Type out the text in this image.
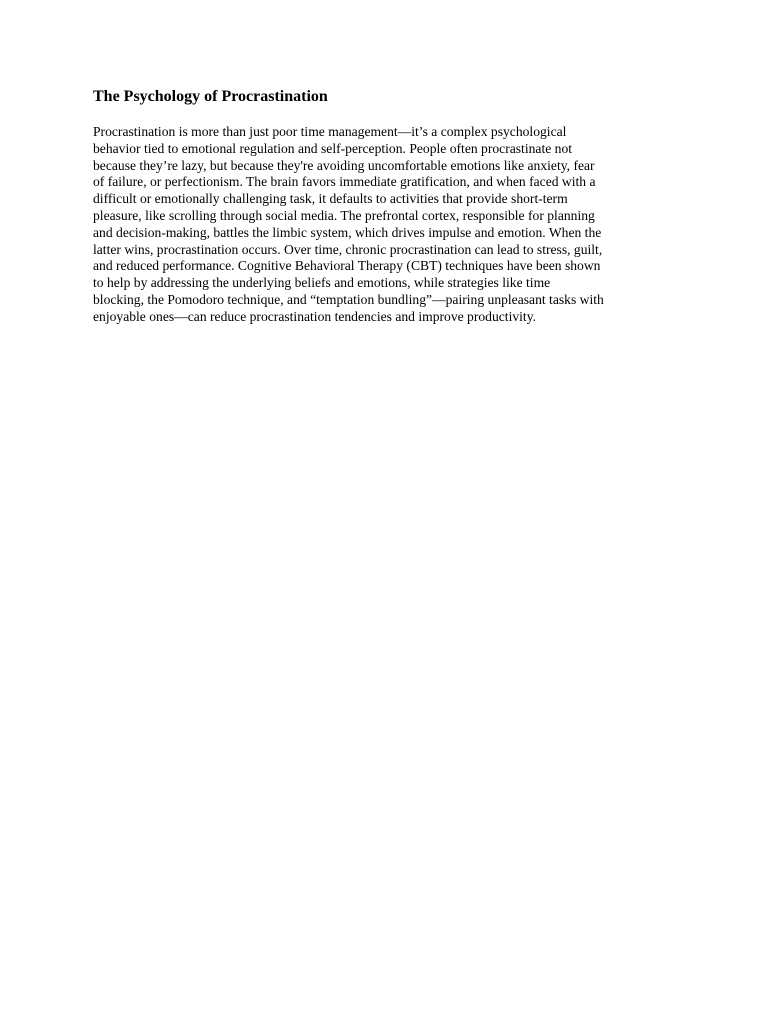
The Psychology of Procrastination

Procrastination is more than just poor time management—it’s a complex psychological
behavior tied to emotional regulation and self-perception. People often procrastinate not
because they’re lazy, but because they're avoiding uncomfortable emotions like anxiety, fear
of failure, or perfectionism. The brain favors immediate gratification, and when faced with a
difficult or emotionally challenging task, it defaults to activities that provide short-term
pleasure, like scrolling through social media. The prefrontal cortex, responsible for planning
and decision-making, battles the limbic system, which drives impulse and emotion. When the
latter wins, procrastination occurs. Over time, chronic procrastination can lead to stress, guilt,
and reduced performance. Cognitive Behavioral Therapy (CBT) techniques have been shown
to help by addressing the underlying beliefs and emotions, while strategies like time
blocking, the Pomodoro technique, and “temptation bundling”—pairing unpleasant tasks with
enjoyable ones—can reduce procrastination tendencies and improve productivity.
